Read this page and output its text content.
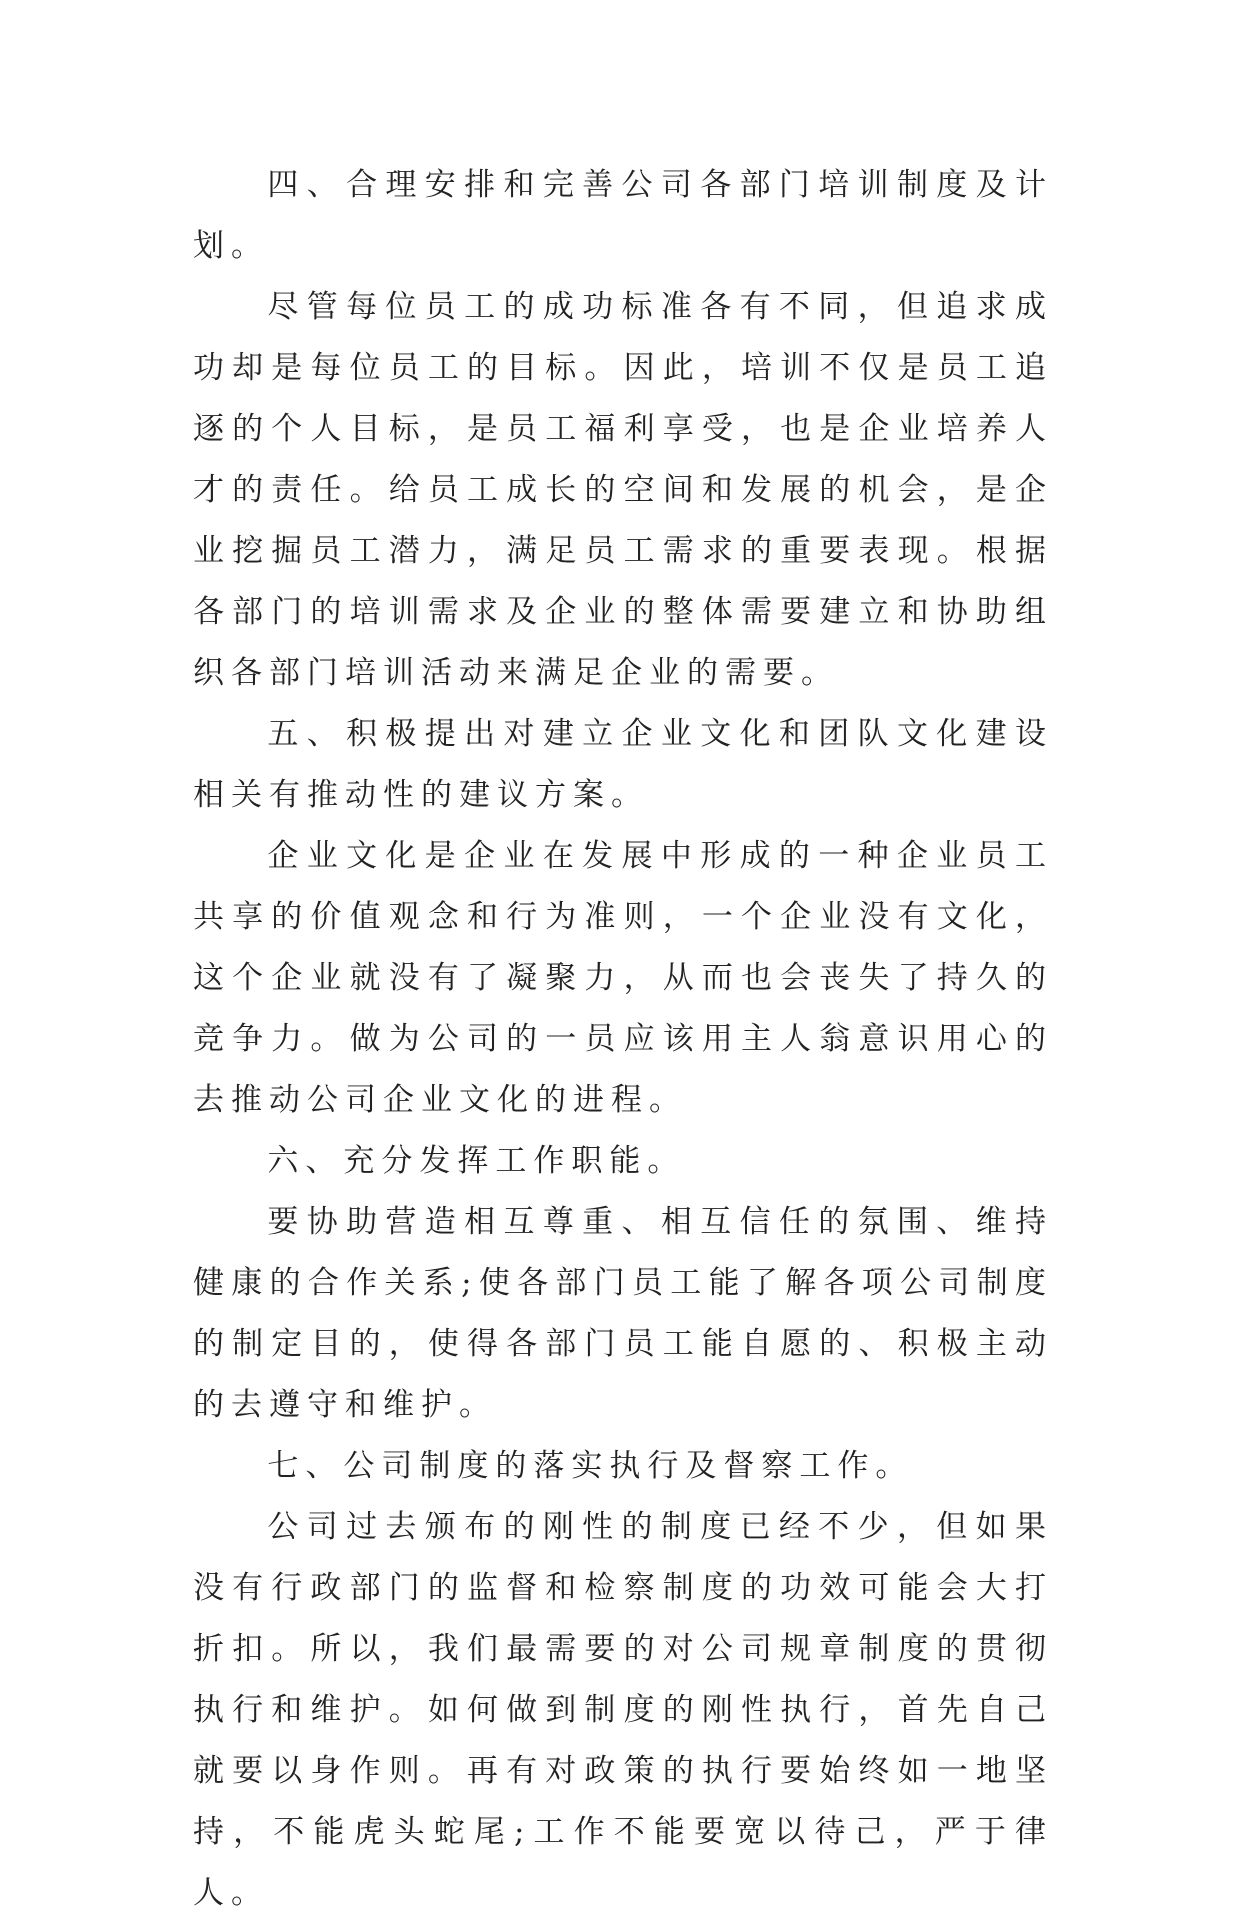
四、合理安排和完善公司各部门培训制度及计划。

尽管每位员工的成功标准各有不同，但追求成功却是每位员工的目标。因此，培训不仅是员工追逐的个人目标，是员工福利享受，也是企业培养人才的责任。给员工成长的空间和发展的机会，是企业挖掘员工潜力，满足员工需求的重要表现。根据各部门的培训需求及企业的整体需要建立和协助组织各部门培训活动来满足企业的需要。

五、积极提出对建立企业文化和团队文化建设相关有推动性的建议方案。

企业文化是企业在发展中形成的一种企业员工共享的价值观念和行为准则，一个企业没有文化，这个企业就没有了凝聚力，从而也会丧失了持久的竞争力。做为公司的一员应该用主人翁意识用心的去推动公司企业文化的进程。

六、充分发挥工作职能。

要协助营造相互尊重、相互信任的氛围、维持健康的合作关系;使各部门员工能了解各项公司制度的制定目的，使得各部门员工能自愿的、积极主动的去遵守和维护。

七、公司制度的落实执行及督察工作。

公司过去颁布的刚性的制度已经不少，但如果没有行政部门的监督和检察制度的功效可能会大打折扣。所以，我们最需要的对公司规章制度的贯彻执行和维护。如何做到制度的刚性执行，首先自己就要以身作则。再有对政策的执行要始终如一地坚持，不能虎头蛇尾;工作不能要宽以待己，严于律人。
